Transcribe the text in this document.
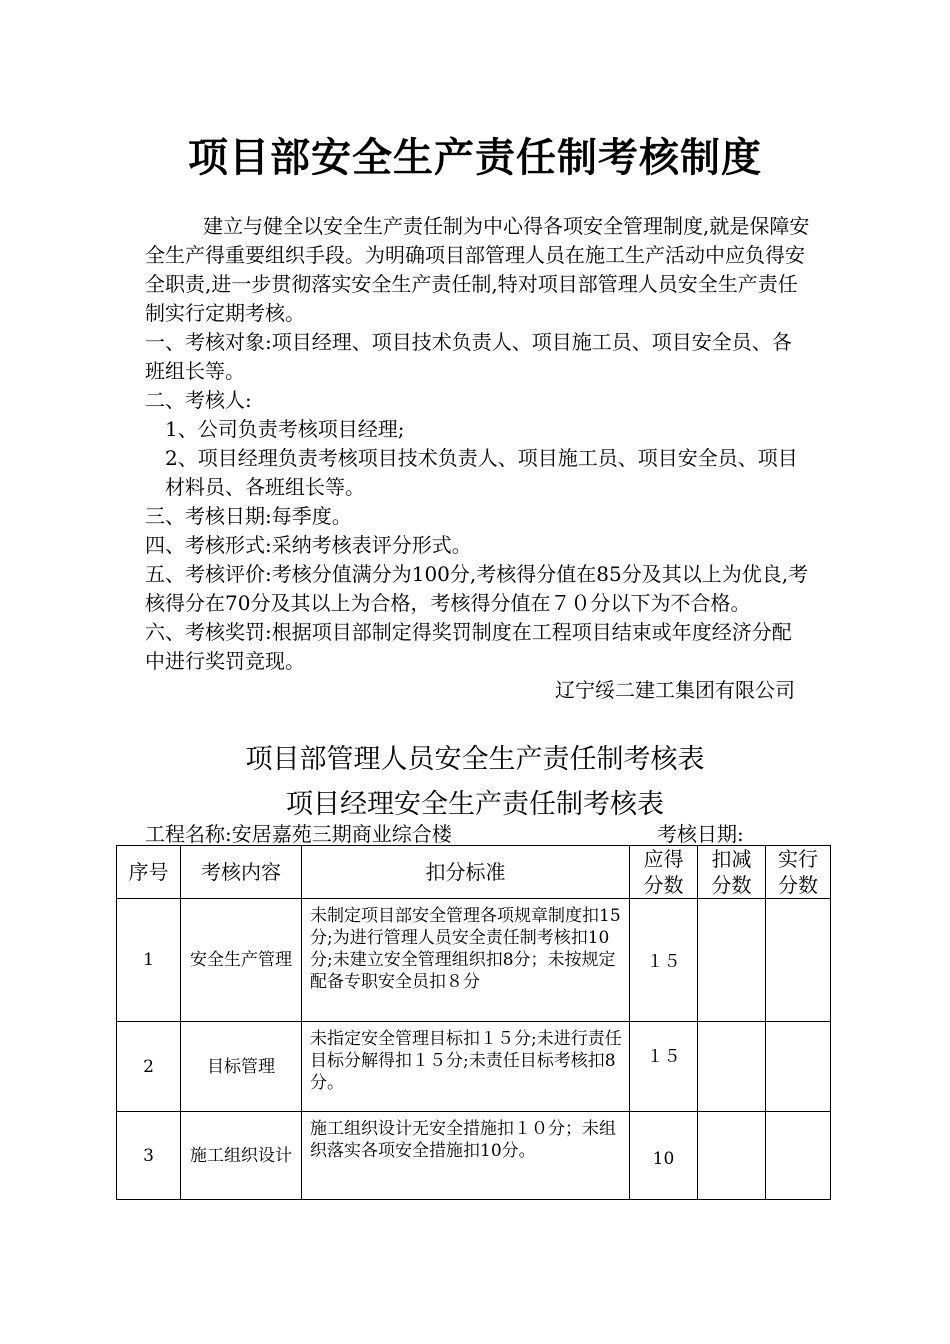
项目部安全生产责任制考核制度

建立与健全以安全生产责任制为中心得各项安全管理制度,就是保障安全生产得重要组织手段。为明确项目部管理人员在施工生产活动中应负得安全职责,进一步贯彻落实安全生产责任制,特对项目部管理人员安全生产责任制实行定期考核。

一、考核对象:项目经理、项目技术负责人、项目施工员、项目安全员、各班组长等。

二、考核人:

1、公司负责考核项目经理;

2、项目经理负责考核项目技术负责人、项目施工员、项目安全员、项目材料员、各班组长等。

三、考核日期:每季度。

四、考核形式:采纳考核表评分形式。

五、考核评价:考核分值满分为100分,考核得分值在85分及其以上为优良,考核得分在70分及其以上为合格，考核得分值在７０分以下为不合格。

六、考核奖罚:根据项目部制定得奖罚制度在工程项目结束或年度经济分配中进行奖罚竞现。

辽宁绥二建工集团有限公司

项目部管理人员安全生产责任制考核表
项目经理安全生产责任制考核表
工程名称:安居嘉苑三期商业综合楼	考核日期:
序号	考核内容	扣分标准	应得分数	扣减分数	实行分数
1	安全生产管理	未制定项目部安全管理各项规章制度扣15分;为进行管理人员安全责任制考核扣10分;未建立安全管理组织扣8分；未按规定配备专职安全员扣８分	１５		
2	目标管理	未指定安全管理目标扣１５分;未进行责任目标分解得扣１５分;未责任目标考核扣8分。	１５		
3	施工组织设计	施工组织设计无安全措施扣１０分；未组织落实各项安全措施扣10分。	10		
